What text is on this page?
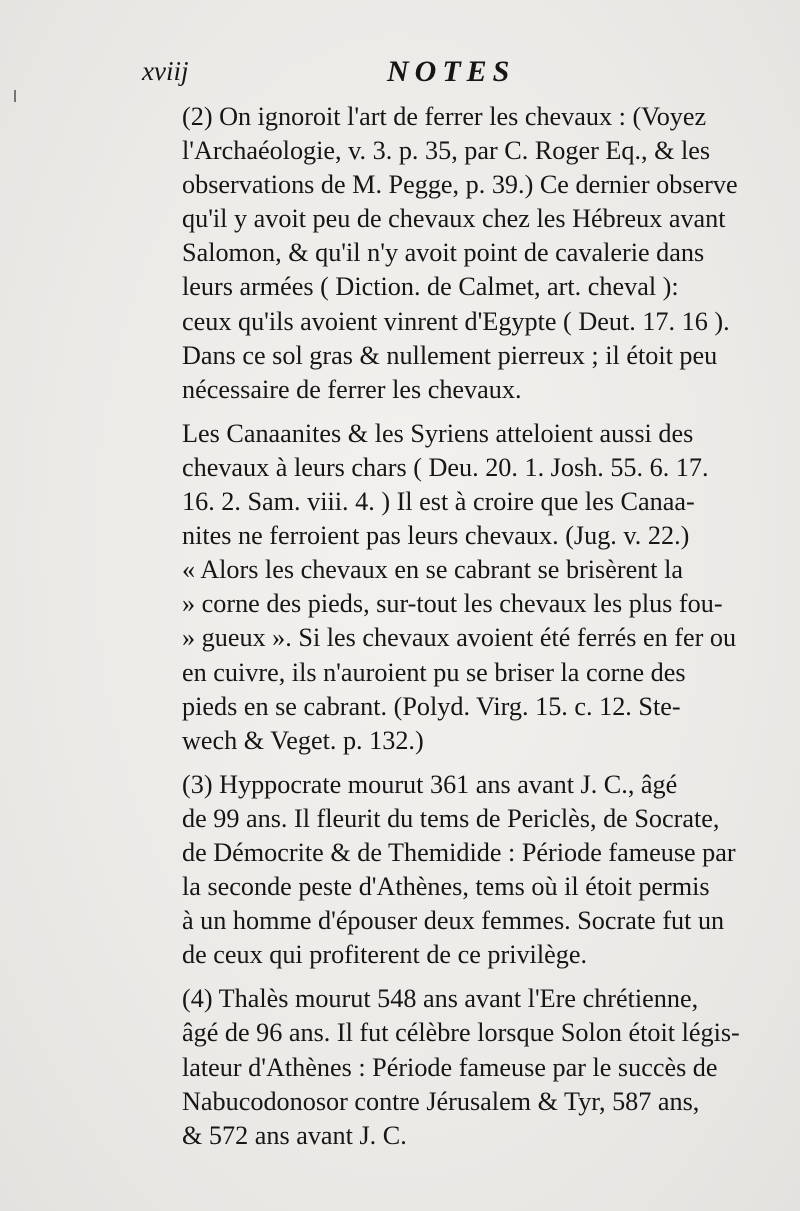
xviij	NOTES

(2) On ignoroit l'art de ferrer les chevaux : (Voyez
l'Archaéologie, v. 3. p. 35, par C. Roger Eq., & les
observations de M. Pegge, p. 39.) Ce dernier observe
qu'il y avoit peu de chevaux chez les Hébreux avant
Salomon, & qu'il n'y avoit point de cavalerie dans
leurs armées ( Diction. de Calmet, art. cheval ):
ceux qu'ils avoient vinrent d'Egypte ( Deut. 17. 16 ).
Dans ce sol gras & nullement pierreux ; il étoit peu
nécessaire de ferrer les chevaux.

Les Canaanites & les Syriens atteloient aussi des
chevaux à leurs chars ( Deu. 20. 1. Josh. 55. 6. 17.
16. 2. Sam. viii. 4. ) Il est à croire que les Canaa-
nites ne ferroient pas leurs chevaux. (Jug. v. 22.)
« Alors les chevaux en se cabrant se brisèrent la
» corne des pieds, sur-tout les chevaux les plus fou-
» gueux ». Si les chevaux avoient été ferrés en fer ou
en cuivre, ils n'auroient pu se briser la corne des
pieds en se cabrant. (Polyd. Virg. 15. c. 12. Ste-
wech & Veget. p. 132.)

(3) Hyppocrate mourut 361 ans avant J. C., âgé
de 99 ans. Il fleurit du tems de Periclès, de Socrate,
de Démocrite & de Themidide : Période fameuse par
la seconde peste d'Athènes, tems où il étoit permis
à un homme d'épouser deux femmes. Socrate fut un
de ceux qui profiterent de ce privilège.

(4) Thalès mourut 548 ans avant l'Ere chrétienne,
âgé de 96 ans. Il fut célèbre lorsque Solon étoit légis-
lateur d'Athènes : Période fameuse par le succès de
Nabucodonosor contre Jérusalem & Tyr, 587 ans,
& 572 ans avant J. C.
